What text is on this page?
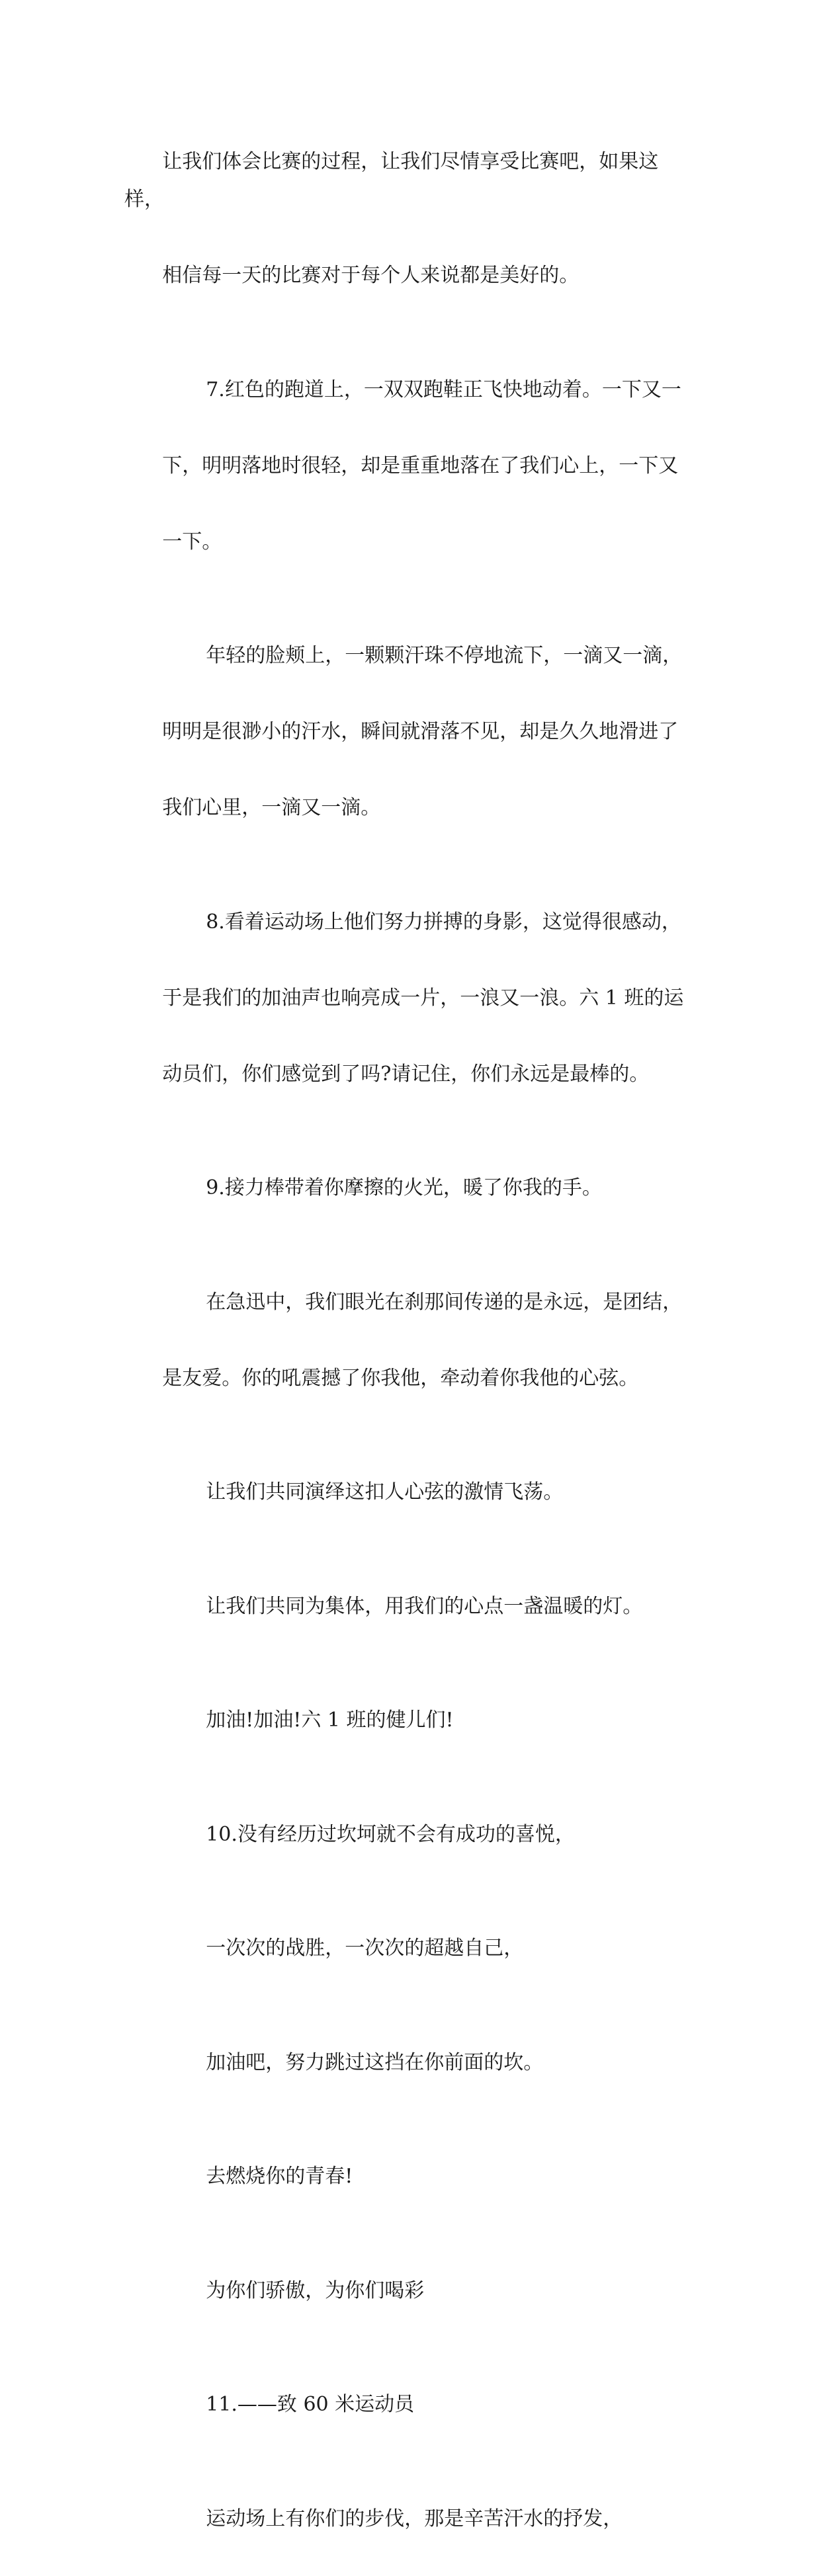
让我们体会比赛的过程，让我们尽情享受比赛吧，如果这样，

相信每一天的比赛对于每个人来说都是美好的。

7.红色的跑道上，一双双跑鞋正飞快地动着。一下又一

下，明明落地时很轻，却是重重地落在了我们心上，一下又

一下。

年轻的脸颊上，一颗颗汗珠不停地流下，一滴又一滴，

明明是很渺小的汗水，瞬间就滑落不见，却是久久地滑进了

我们心里，一滴又一滴。

8.看着运动场上他们努力拼搏的身影，这觉得很感动，

于是我们的加油声也响亮成一片，一浪又一浪。六 1 班的运

动员们，你们感觉到了吗?请记住，你们永远是最棒的。

9.接力棒带着你摩擦的火光，暖了你我的手。

在急迅中，我们眼光在刹那间传递的是永远，是团结，

是友爱。你的吼震撼了你我他，牵动着你我他的心弦。

让我们共同演绎这扣人心弦的激情飞荡。

让我们共同为集体，用我们的心点一盏温暖的灯。

加油!加油!六 1 班的健儿们!

10.没有经历过坎坷就不会有成功的喜悦，

一次次的战胜，一次次的超越自己，

加油吧，努力跳过这挡在你前面的坎。

去燃烧你的青春!

为你们骄傲，为你们喝彩

11.——致 60 米运动员

运动场上有你们的步伐，那是辛苦汗水的抒发，
